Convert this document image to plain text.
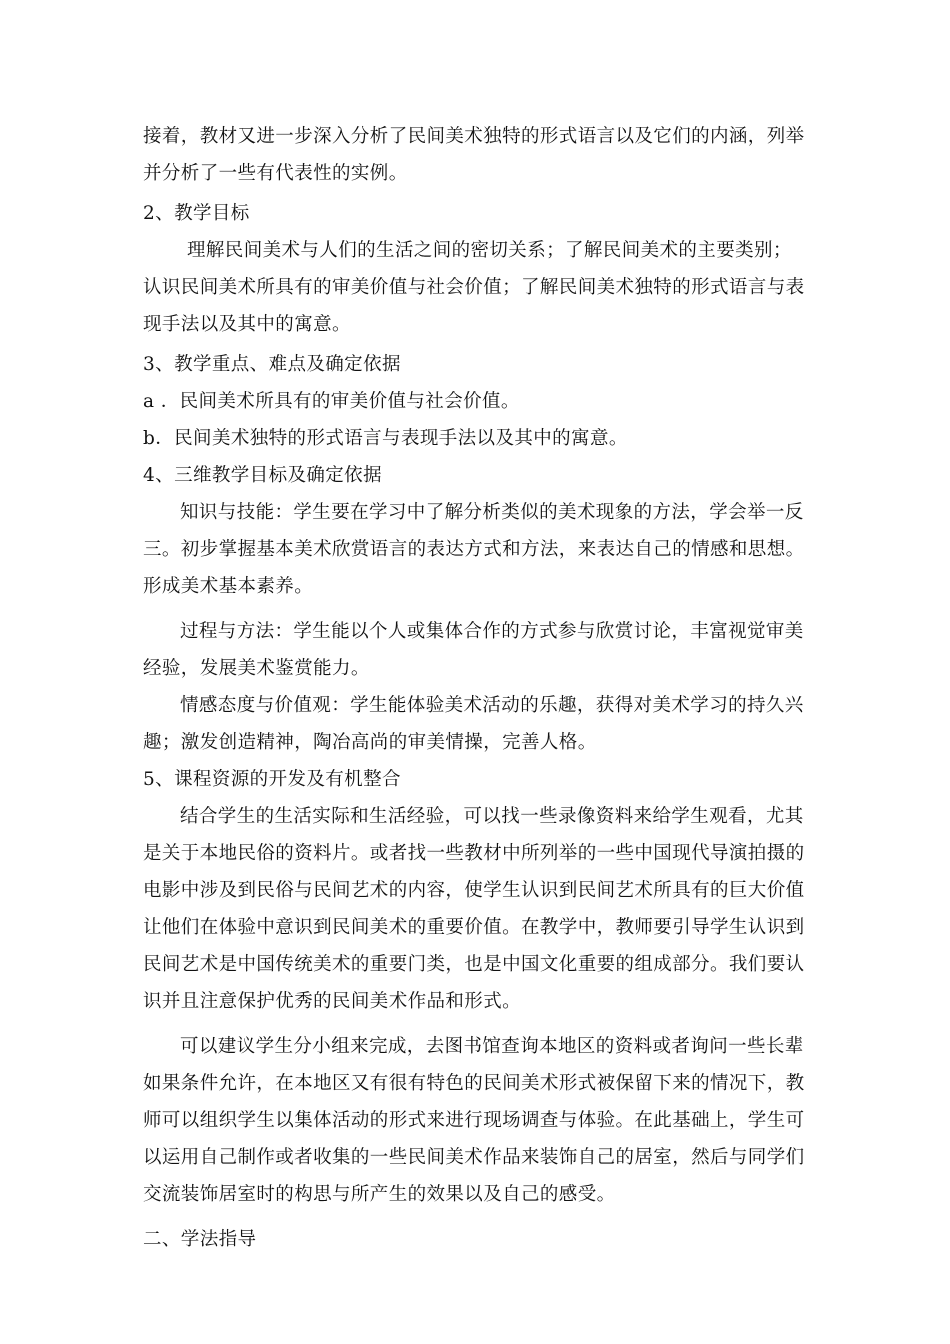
接着，教材又进一步深入分析了民间美术独特的形式语言以及它们的内涵，列举

并分析了一些有代表性的实例。

2、教学目标

理解民间美术与人们的生活之间的密切关系；了解民间美术的主要类别；

认识民间美术所具有的审美价值与社会价值；了解民间美术独特的形式语言与表

现手法以及其中的寓意。

3、教学重点、难点及确定依据

a ．民间美术所具有的审美价值与社会价值。

b．民间美术独特的形式语言与表现手法以及其中的寓意。

4、三维教学目标及确定依据

知识与技能：学生要在学习中了解分析类似的美术现象的方法，学会举一反

三。初步掌握基本美术欣赏语言的表达方式和方法，来表达自己的情感和思想。

形成美术基本素养。

过程与方法：学生能以个人或集体合作的方式参与欣赏讨论，丰富视觉审美

经验，发展美术鉴赏能力。

情感态度与价值观：学生能体验美术活动的乐趣，获得对美术学习的持久兴

趣；激发创造精神，陶冶高尚的审美情操，完善人格。

5、课程资源的开发及有机整合

结合学生的生活实际和生活经验，可以找一些录像资料来给学生观看，尤其

是关于本地民俗的资料片。或者找一些教材中所列举的一些中国现代导演拍摄的

电影中涉及到民俗与民间艺术的内容，使学生认识到民间艺术所具有的巨大价值

让他们在体验中意识到民间美术的重要价值。在教学中，教师要引导学生认识到

民间艺术是中国传统美术的重要门类，也是中国文化重要的组成部分。我们要认

识并且注意保护优秀的民间美术作品和形式。

可以建议学生分小组来完成，去图书馆查询本地区的资料或者询问一些长辈

如果条件允许，在本地区又有很有特色的民间美术形式被保留下来的情况下，教

师可以组织学生以集体活动的形式来进行现场调查与体验。在此基础上，学生可

以运用自己制作或者收集的一些民间美术作品来装饰自己的居室，然后与同学们

交流装饰居室时的构思与所产生的效果以及自己的感受。

二、学法指导
